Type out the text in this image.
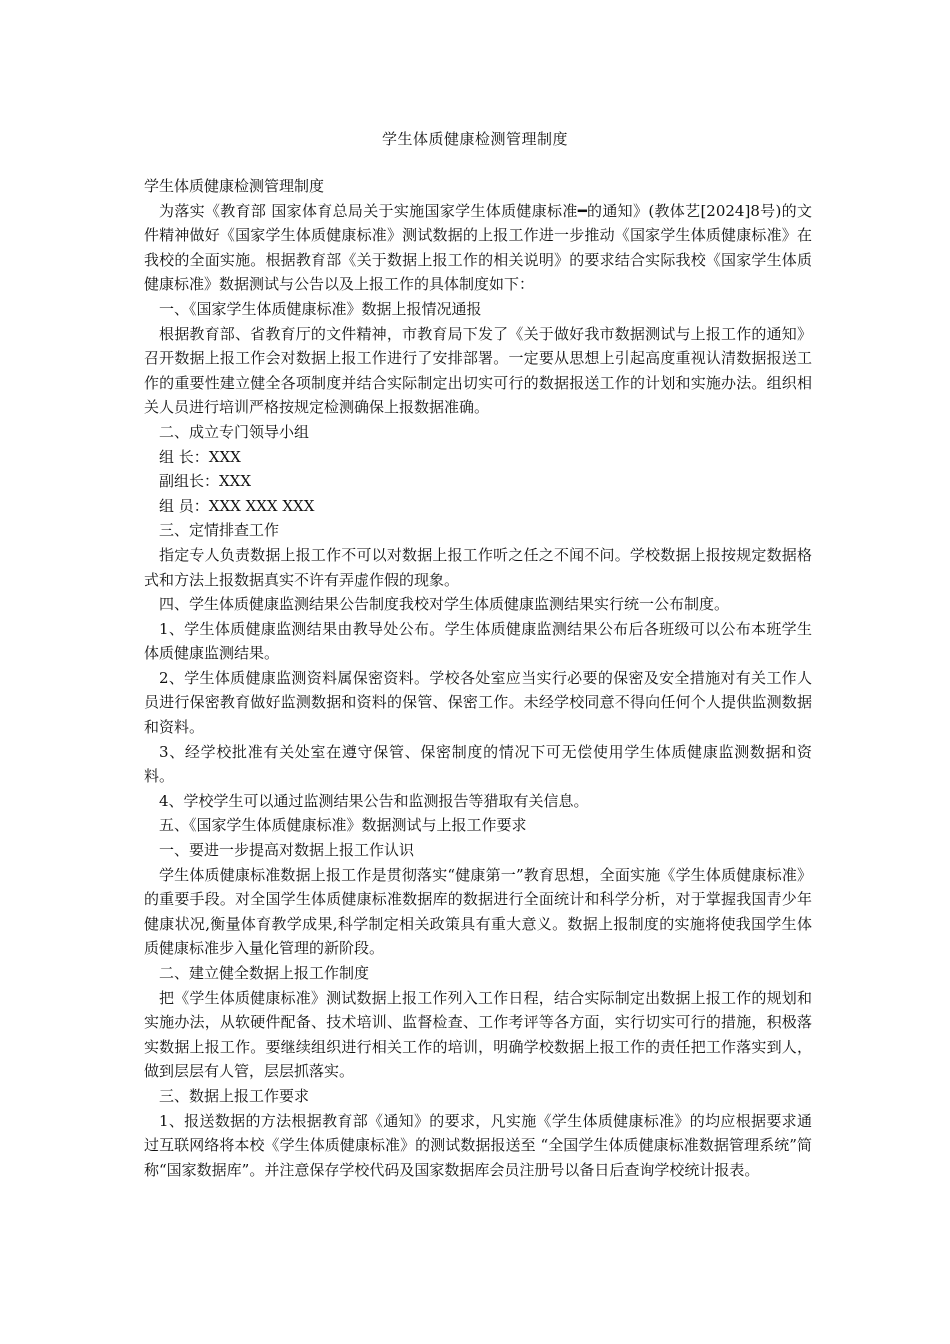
学生体质健康检测管理制度

学生体质健康检测管理制度

为落实《教育部 国家体育总局关于实施国家学生体质健康标准━的通知》(教体艺[2024]8号)的文件精神做好《国家学生体质健康标准》测试数据的上报工作进一步推动《国家学生体质健康标准》在我校的全面实施。根据教育部《关于数据上报工作的相关说明》的要求结合实际我校《国家学生体质健康标准》数据测试与公告以及上报工作的具体制度如下：

一、《国家学生体质健康标准》数据上报情况通报

根据教育部、省教育厅的文件精神，市教育局下发了《关于做好我市数据测试与上报工作的通知》召开数据上报工作会对数据上报工作进行了安排部署。一定要从思想上引起高度重视认清数据报送工作的重要性建立健全各项制度并结合实际制定出切实可行的数据报送工作的计划和实施办法。组织相关人员进行培训严格按规定检测确保上报数据准确。

二、成立专门领导小组

组 长：XXX

副组长：XXX

组 员：XXX XXX XXX

三、定情排查工作

指定专人负责数据上报工作不可以对数据上报工作听之任之不闻不问。学校数据上报按规定数据格式和方法上报数据真实不许有弄虚作假的现象。

四、学生体质健康监测结果公告制度我校对学生体质健康监测结果实行统一公布制度。

1、学生体质健康监测结果由教导处公布。学生体质健康监测结果公布后各班级可以公布本班学生体质健康监测结果。

2、学生体质健康监测资料属保密资料。学校各处室应当实行必要的保密及安全措施对有关工作人员进行保密教育做好监测数据和资料的保管、保密工作。未经学校同意不得向任何个人提供监测数据和资料。

3、经学校批准有关处室在遵守保管、保密制度的情况下可无偿使用学生体质健康监测数据和资料。

4、学校学生可以通过监测结果公告和监测报告等猎取有关信息。

五、《国家学生体质健康标准》数据测试与上报工作要求

一、要进一步提高对数据上报工作认识

学生体质健康标准数据上报工作是贯彻落实“健康第一”教育思想，全面实施《学生体质健康标准》的重要手段。对全国学生体质健康标准数据库的数据进行全面统计和科学分析，对于掌握我国青少年健康状况,衡量体育教学成果,科学制定相关政策具有重大意义。数据上报制度的实施将使我国学生体质健康标准步入量化管理的新阶段。

二、建立健全数据上报工作制度

把《学生体质健康标准》测试数据上报工作列入工作日程，结合实际制定出数据上报工作的规划和实施办法，从软硬件配备、技术培训、监督检查、工作考评等各方面，实行切实可行的措施，积极落实数据上报工作。要继续组织进行相关工作的培训，明确学校数据上报工作的责任把工作落实到人，做到层层有人管，层层抓落实。

三、数据上报工作要求

1、报送数据的方法根据教育部《通知》的要求，凡实施《学生体质健康标准》的均应根据要求通过互联网络将本校《学生体质健康标准》的测试数据报送至 “全国学生体质健康标准数据管理系统”简称“国家数据库”。并注意保存学校代码及国家数据库会员注册号以备日后查询学校统计报表。
